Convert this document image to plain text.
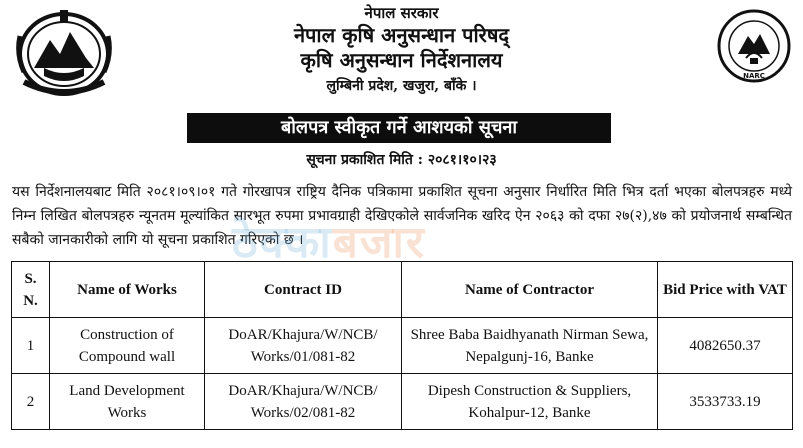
NARC
नेपाल सरकार
नेपाल कृषि अनुसन्धान परिषद्
कृषि अनुसन्धान निर्देशनालय
लुम्बिनी प्रदेश, खजुरा, बाँके ।
बोलपत्र स्वीकृत गर्ने आशयको सूचना
सूचना प्रकाशित मिति : २०८१।१०।२३
यस निर्देशनालयबाट मिति २०८१।०९।०१ गते गोरखापत्र राष्ट्रिय दैनिक पत्रिकामा प्रकाशित सूचना अनुसार निर्धारित मिति भित्र दर्ता भएका बोलपत्रहरु मध्ये निम्न लिखित बोलपत्रहरु न्यूनतम मूल्यांकित सारभूत रुपमा प्रभावग्राही देखिएकोले सार्वजनिक खरिद ऐन २०६३ को दफा २७(२),४७ को प्रयोजनार्थ सम्बन्धित सबैको जानकारीको लागि यो सूचना प्रकाशित गरिएको छ ।
ठेक्काबजार
S. N.	Name of Works	Contract ID	Name of Contractor	Bid Price with VAT
1	Construction of Compound wall	DoAR/Khajura/W/NCB/ Works/01/081-82	Shree Baba Baidhyanath Nirman Sewa, Nepalgunj-16, Banke	4082650.37
2	Land Development Works	DoAR/Khajura/W/NCB/ Works/02/081-82	Dipesh Construction & Suppliers, Kohalpur-12, Banke	3533733.19
